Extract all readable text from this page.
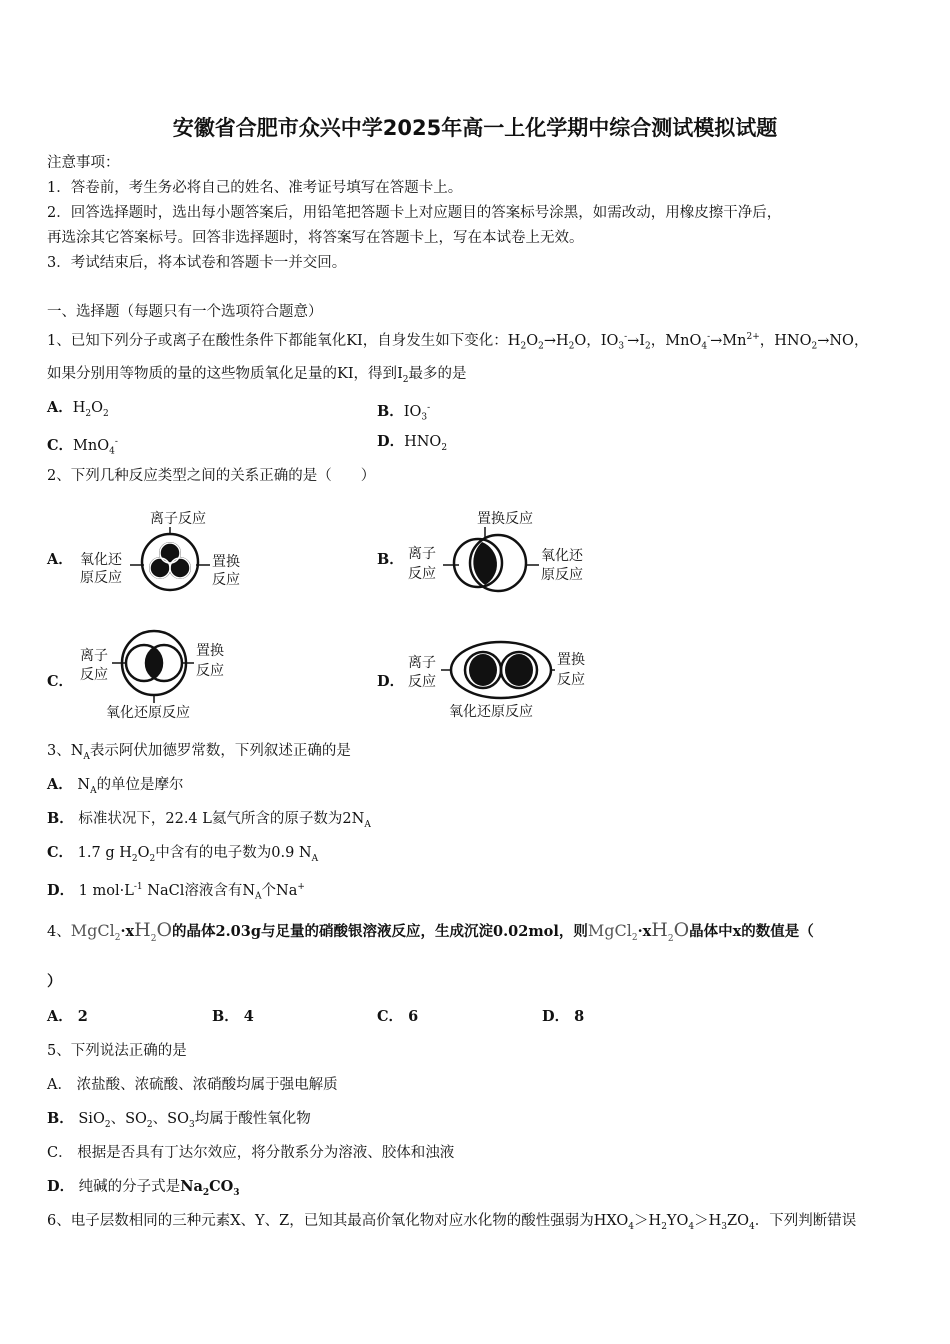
安徽省合肥市众兴中学2025年高一上化学期中综合测试模拟试题
注意事项：
1．答卷前，考生务必将自己的姓名、准考证号填写在答题卡上。
2．回答选择题时，选出每小题答案后，用铅笔把答题卡上对应题目的答案标号涂黑，如需改动，用橡皮擦干净后，
再选涂其它答案标号。回答非选择题时，将答案写在答题卡上，写在本试卷上无效。
3．考试结束后，将本试卷和答题卡一并交回。
一、选择题（每题只有一个选项符合题意）
1、已知下列分子或离子在酸性条件下都能氧化KI，自身发生如下变化：$H_2O_2\to H_2O$，$IO_3^-\to I_2$，$MnO_4^-\to Mn^{2+}$，$HNO_2\to NO$，
如果分别用等物质的量的这些物质氧化足量的KI，得到$I_2$最多的是
A．$H_2O_2$	B．$IO_3^-$
C．MnO$_4$-	D．$HNO_2$
2、下列几种反应类型之间的关系正确的是（　　）
A．
离子反应
氧化还
原反应
置换
反应
B．
置换反应
离子
反应
氧化还
原反应
C．
离子
反应
置换
反应
氧化还原反应
D．
离子
反应
置换
反应
氧化还原反应
3、$N_A$表示阿伏加德罗常数，下列叙述正确的是
A． $N_A$的单位是摩尔
B． 标准状况下，22.4 L氦气所含的原子数为$2N_A$
C． 1.7 g $H_2O_2$中含有的电子数为0.9 $N_A$
D． 1 $mol\cdot L^{-1}$ NaCl溶液含有$N_A$个Na+
4、$MgCl_2\cdot xH_2O$的晶体2.03g与足量的硝酸银溶液反应，生成沉淀0.02mol，则$MgCl_2\cdot xH_2O$晶体中x的数值是（
）
A． 2	B． 4	C． 6	D． 8
5、下列说法正确的是
A． 浓盐酸、浓硫酸、浓硝酸均属于强电解质
B． SiO$_2$、$SO_2$、$SO_3$均属于酸性氧化物
C． 根据是否具有丁达尔效应，将分散系分为溶液、胶体和浊液
D． 纯碱的分子式是$Na_2CO_3$
6、电子层数相同的三种元素X、Y、Z，已知其最高价氧化物对应水化物的酸性强弱为$HXO_4>H_2YO_4>H_3ZO_4$．下列判断错误
